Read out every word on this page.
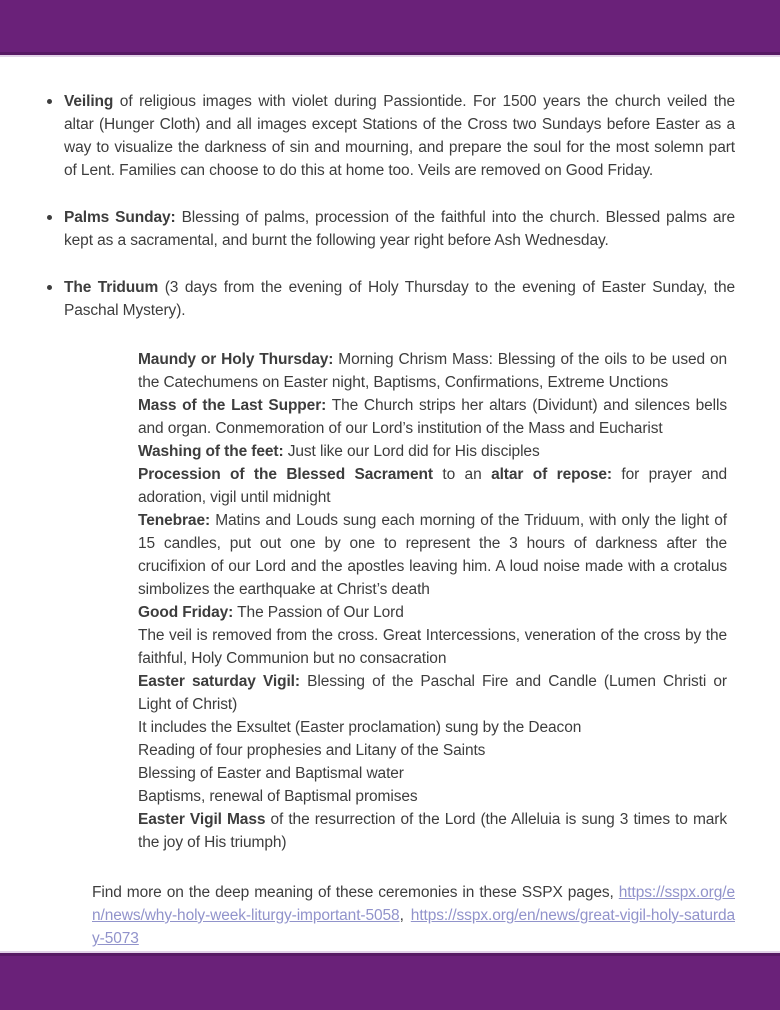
Veiling of religious images with violet during Passiontide. For 1500 years the church veiled the altar (Hunger Cloth) and all images except Stations of the Cross two Sundays before Easter as a way to visualize the darkness of sin and mourning, and prepare the soul for the most solemn part of Lent. Families can choose to do this at home too. Veils are removed on Good Friday.
Palms Sunday: Blessing of palms, procession of the faithful into the church. Blessed palms are kept as a sacramental, and burnt the following year right before Ash Wednesday.
The Triduum (3 days from the evening of Holy Thursday to the evening of Easter Sunday, the Paschal Mystery).

Maundy or Holy Thursday: Morning Chrism Mass: Blessing of the oils to be used on the Catechumens on Easter night, Baptisms, Confirmations, Extreme Unctions

Mass of the Last Supper: The Church strips her altars (Dividunt) and silences bells and organ. Conmemoration of our Lord’s institution of the Mass and Eucharist

Washing of the feet: Just like our Lord did for His disciples

Procession of the Blessed Sacrament to an altar of repose: for prayer and adoration, vigil until midnight

Tenebrae: Matins and Louds sung each morning of the Triduum, with only the light of 15 candles, put out one by one to represent the 3 hours of darkness after the crucifixion of our Lord and the apostles leaving him. A loud noise made with a crotalus simbolizes the earthquake at Christ’s death

Good Friday: The Passion of Our Lord

The veil is removed from the cross. Great Intercessions, veneration of the cross by the faithful, Holy Communion but no consacration

Easter saturday Vigil: Blessing of the Paschal Fire and Candle (Lumen Christi or Light of Christ)

It includes the Exsultet (Easter proclamation) sung by the Deacon

Reading of four prophesies and Litany of the Saints

Blessing of Easter and Baptismal water

Baptisms, renewal of Baptismal promises

Easter Vigil Mass of the resurrection of the Lord (the Alleluia is sung 3 times to mark the joy of His triumph)

Find more on the deep meaning of these ceremonies in these SSPX pages, https://sspx.org/en/news/why-holy-week-liturgy-important-5058, https://sspx.org/en/news/great-vigil-holy-saturday-5073
